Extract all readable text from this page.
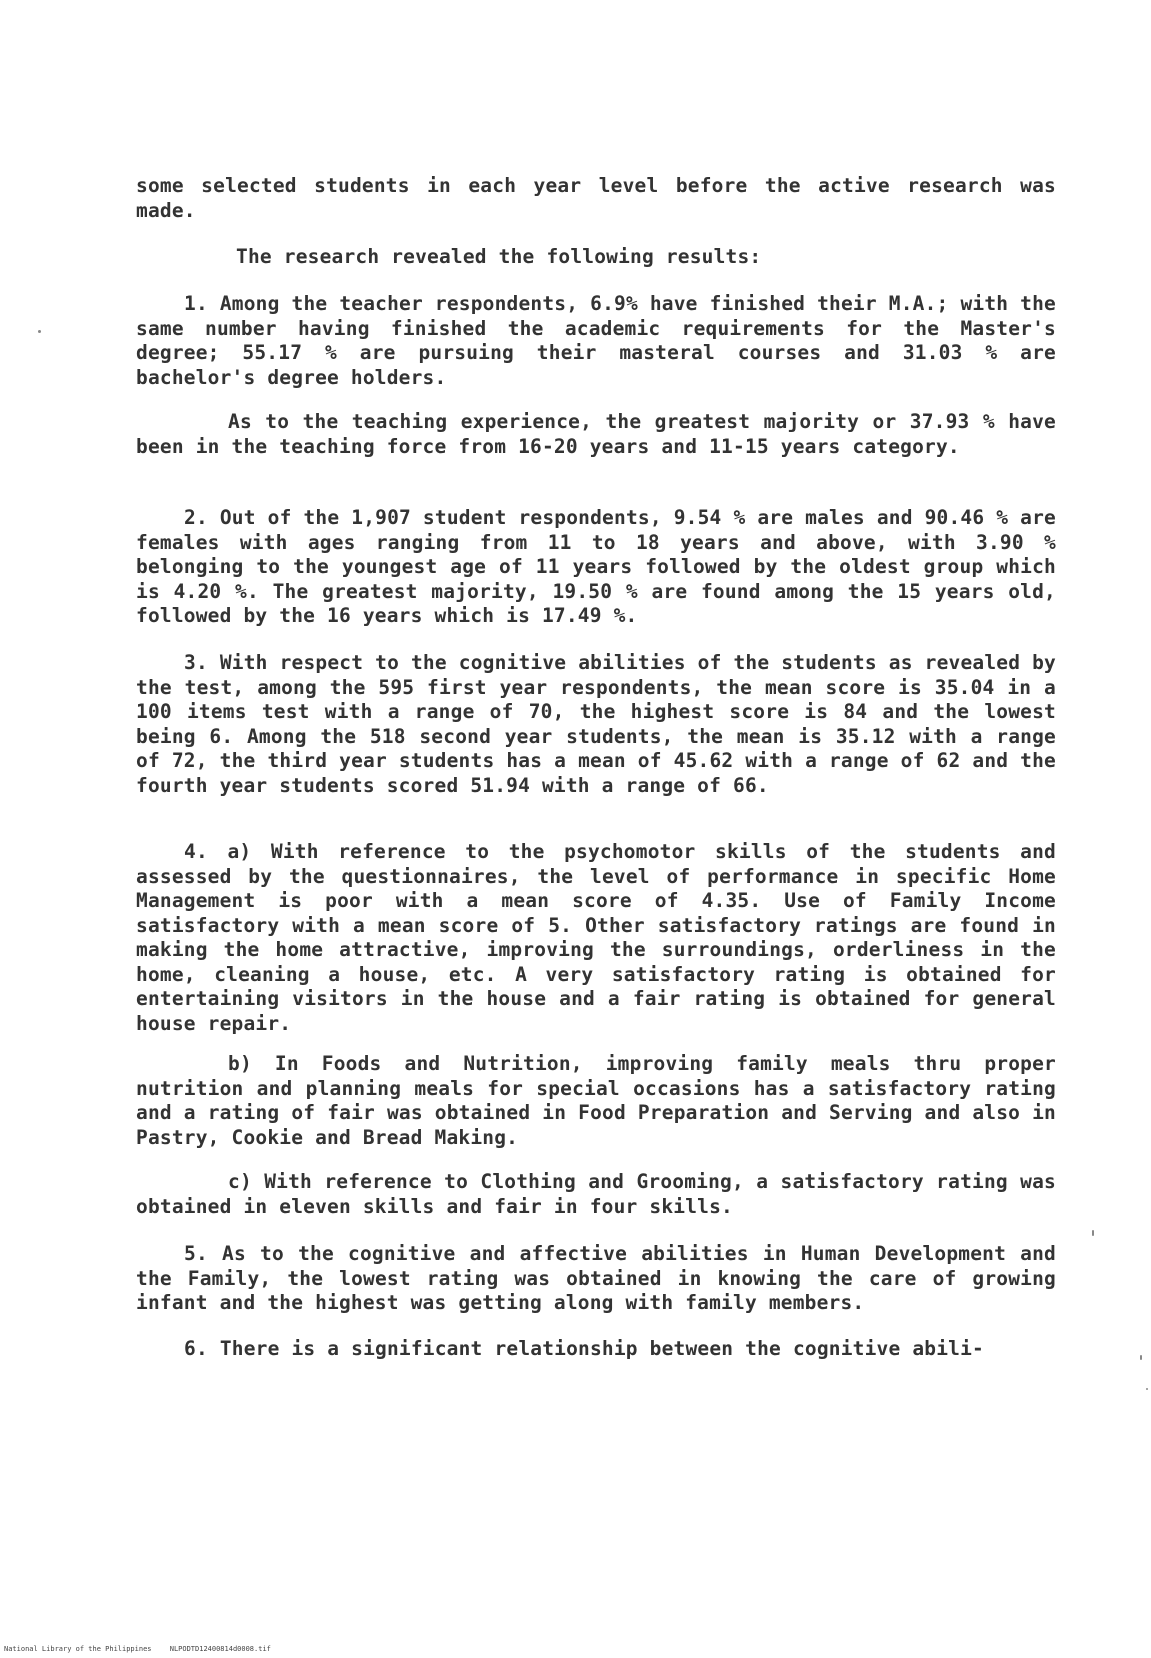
some selected students in each year level before the active research was made.
The research revealed the following results:
1. Among the teacher respondents, 6.9% have finished their M.A.; with the same number having finished the academic requirements for the Master's degree; 55.17 % are pursuing their masteral courses and 31.03 % are bachelor's degree holders.
As to the teaching experience, the greatest majority or 37.93 % have been in the teaching force from 16-20 years and 11-15 years category.
2. Out of the 1,907 student respondents, 9.54 % are males and 90.46 % are females with ages ranging from 11 to 18 years and above, with 3.90 % belonging to the youngest age of 11 years followed by the oldest group which is 4.20 %. The greatest majority, 19.50 % are found among the 15 years old, followed by the 16 years which is 17.49 %.
3. With respect to the cognitive abilities of the students as revealed by the test, among the 595 first year respondents, the mean score is 35.04 in a 100 items test with a range of 70, the highest score is 84 and the lowest being 6. Among the 518 second year students, the mean is 35.12 with a range of 72, the third year students has a mean of 45.62 with a range of 62 and the fourth year students scored 51.94 with a range of 66.
4. a) With reference to the psychomotor skills of the students and assessed by the questionnaires, the level of performance in specific Home Management is poor with a mean score of 4.35. Use of Family Income satisfactory with a mean score of 5. Other satisfactory ratings are found in making the home attractive, improving the surroundings, orderliness in the home, cleaning a house, etc. A very satisfactory rating is obtained for entertaining visitors in the house and a fair rating is obtained for general house repair.
b) In Foods and Nutrition, improving family meals thru proper nutrition and planning meals for special occasions has a satisfactory rating and a rating of fair was obtained in Food Preparation and Serving and also in Pastry, Cookie and Bread Making.
c) With reference to Clothing and Grooming, a satisfactory rating was obtained in eleven skills and fair in four skills.
5. As to the cognitive and affective abilities in Human Development and the Family, the lowest rating was obtained in knowing the care of growing infant and the highest was getting along with family members.
6. There is a significant relationship between the cognitive abili-
National Library of the Philippines	NLPODTD12400814d0008.tif
